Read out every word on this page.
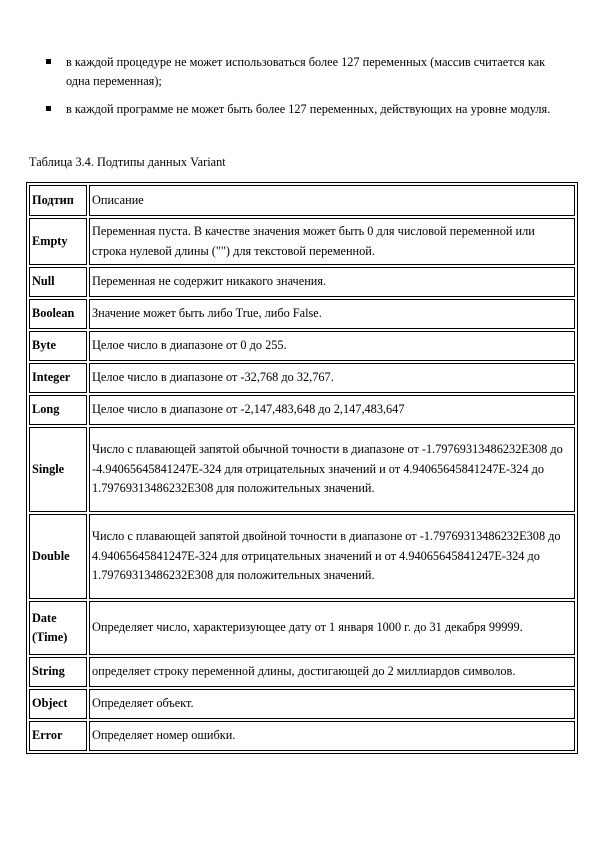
в каждой процедуре не может использоваться более 127 переменных (массив считается как одна переменная);
в каждой программе не может быть более 127 переменных, действующих на уровне модуля.
Таблица 3.4. Подтипы данных Variant
Подтип	Описание
Empty	Переменная пуста. В качестве значения может быть 0 для числовой переменной или строка нулевой длины ("") для текстовой переменной.
Null	Переменная не содержит никакого значения.
Boolean	Значение может быть либо True, либо False.
Byte	Целое число в диапазоне от 0 до 255.
Integer	Целое число в диапазоне от -32,768 до 32,767.
Long	Целое число в диапазоне от -2,147,483,648 до 2,147,483,647
Single	Число с плавающей запятой обычной точности в диапазоне от -1.79769313486232E308 до -4.94065645841247E-324 для отрицательных значений и от 4.94065645841247E-324 до 1.79769313486232E308 для положительных значений.
Double	Число с плавающей запятой двойной точности в диапазоне от -1.79769313486232E308 до 4.94065645841247E-324 для отрицательных значений и от 4.94065645841247E-324 до 1.79769313486232E308 для положительных значений.
Date (Time)	Определяет число, характеризующее дату от 1 января 1000 г. до 31 декабря 99999.
String	определяет строку переменной длины, достигающей до 2 миллиардов символов.
Object	Определяет объект.
Error	Определяет номер ошибки.
